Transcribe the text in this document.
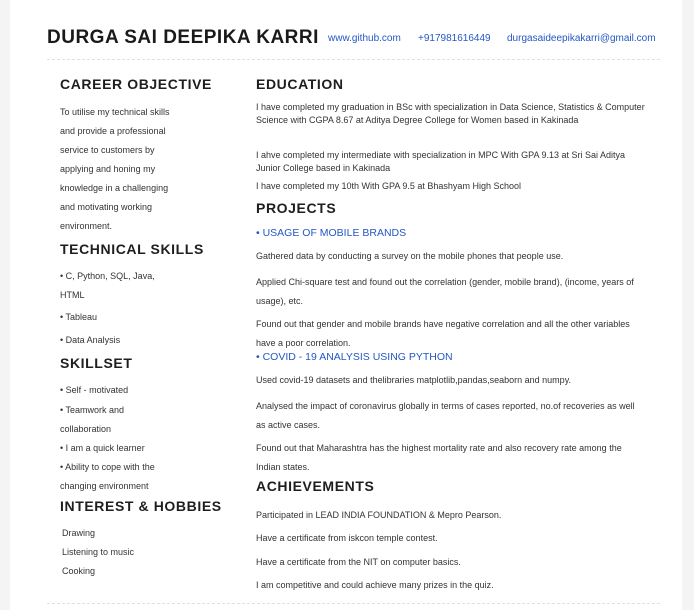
DURGA SAI DEEPIKA KARRI www.github.com +917981616449 durgasaideepikakarri@gmail.com
CAREER OBJECTIVE
To utilise my technical skills
and provide a professional
service to customers by
applying and honing my
knowledge in a challenging
and motivating working
environment.
TECHNICAL SKILLS
• C, Python, SQL, Java,
HTML
• Tableau
• Data Analysis
SKILLSET
• Self - motivated
• Teamwork and
collaboration
• I am a quick learner
• Ability to cope with the
changing environment
INTEREST & HOBBIES
Drawing
Listening to music
Cooking
EDUCATION
I have completed my graduation in BSc with specialization in Data Science, Statistics & Computer Science with CGPA 8.67 at Aditya Degree College for Women based in Kakinada
I ahve completed my intermediate with specialization in MPC With GPA 9.13 at Sri Sai Aditya Junior College based in Kakinada
I have completed my 10th With GPA 9.5 at Bhashyam High School
PROJECTS
• USAGE OF MOBILE BRANDS
Gathered data by conducting a survey on the mobile phones that people use.
Applied Chi-square test and found out the correlation (gender, mobile brand), (income, years of usage), etc.
Found out that gender and mobile brands have negative correlation and all the other variables have a poor correlation.
• COVID - 19 ANALYSIS USING PYTHON
Used covid-19 datasets and thelibraries matplotlib,pandas,seaborn and numpy.
Analysed the impact of coronavirus globally in terms of cases reported, no.of recoveries as well as active cases.
Found out that Maharashtra has the highest mortality rate and also recovery rate among the Indian states.
ACHIEVEMENTS
Participated in LEAD INDIA FOUNDATION & Mepro Pearson.
Have a certificate from iskcon temple contest.
Have a certificate from the NIT on computer basics.
I am competitive and could achieve many prizes in the quiz.
